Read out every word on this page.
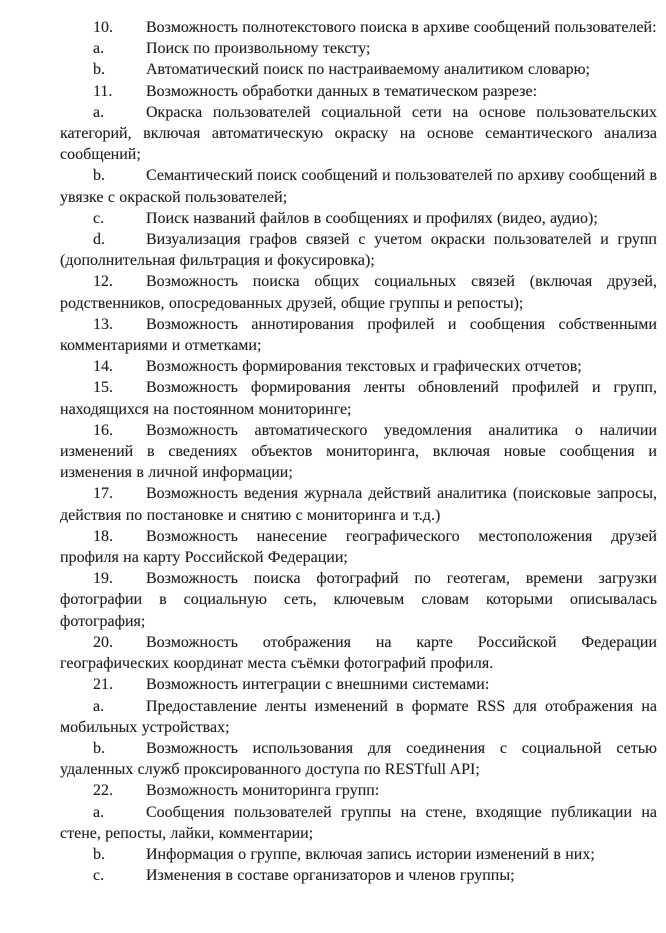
10. Возможность полнотекстового поиска в архиве сообщений пользователей:

a.	Поиск по произвольному тексту;

b.	Автоматический поиск по настраиваемому аналитиком словарю;

11. Возможность обработки данных в тематическом разрезе:

a.	Окраска пользователей социальной сети на основе пользовательских категорий, включая автоматическую окраску на основе семантического анализа сообщений;

b.	Семантический поиск сообщений и пользователей по архиву сообщений в увязке с окраской пользователей;

c.	Поиск названий файлов в сообщениях и профилях (видео, аудио);

d.	Визуализация графов связей с учетом окраски пользователей и групп (дополнительная фильтрация и фокусировка);

12. Возможность поиска общих социальных связей (включая друзей, родственников, опосредованных друзей, общие группы и репосты);

13. Возможность аннотирования профилей и сообщения собственными комментариями и отметками;

14. Возможность формирования текстовых и графических отчетов;

15. Возможность формирования ленты обновлений профилей и групп, находящихся на постоянном мониторинге;

16. Возможность автоматического уведомления аналитика о наличии изменений в сведениях объектов мониторинга, включая новые сообщения и изменения в личной информации;

17. Возможность ведения журнала действий аналитика (поисковые запросы, действия по постановке и снятию с мониторинга и т.д.)

18. Возможность нанесение географического местоположения друзей профиля на карту Российской Федерации;

19. Возможность поиска фотографий по геотегам, времени загрузки фотографии в социальную сеть, ключевым словам которыми описывалась фотография;

20. Возможность отображения на карте Российской Федерации географических координат места съёмки фотографий профиля.

21. Возможность интеграции с внешними системами:

a.	Предоставление ленты изменений в формате RSS для отображения на мобильных устройствах;

b.	Возможность использования для соединения с социальной сетью удаленных служб проксированного доступа по RESTfull API;

22. Возможность мониторинга групп:

a.	Сообщения пользователей группы на стене, входящие публикации на стене, репосты, лайки, комментарии;

b.	Информация о группе, включая запись истории изменений в них;

c.	Изменения в составе организаторов и членов группы;
